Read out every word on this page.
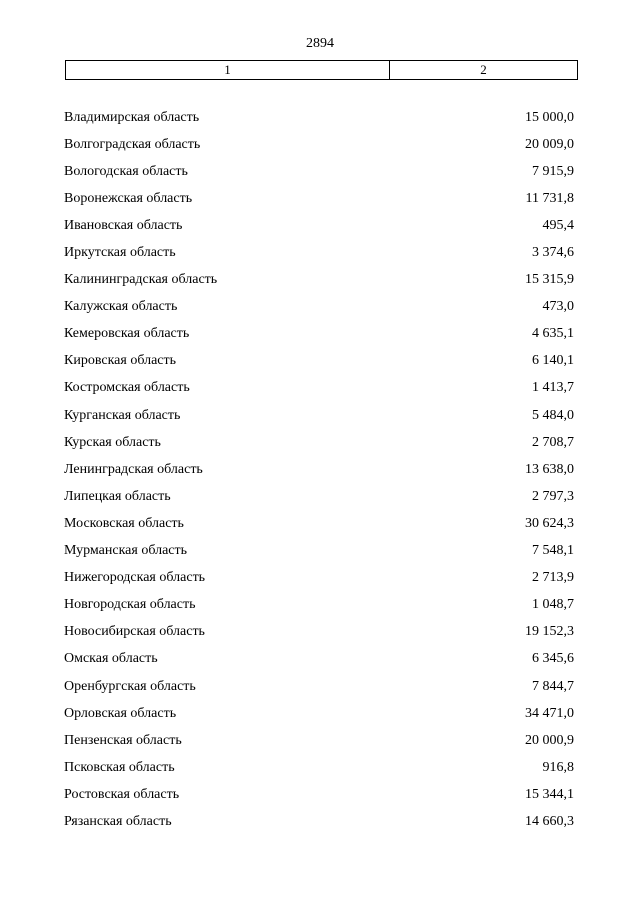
2894
1	2
Владимирская область	15 000,0
Волгоградская область	20 009,0
Вологодская область	7 915,9
Воронежская область	11 731,8
Ивановская область	495,4
Иркутская область	3 374,6
Калининградская область	15 315,9
Калужская область	473,0
Кемеровская область	4 635,1
Кировская область	6 140,1
Костромская область	1 413,7
Курганская область	5 484,0
Курская область	2 708,7
Ленинградская область	13 638,0
Липецкая область	2 797,3
Московская область	30 624,3
Мурманская область	7 548,1
Нижегородская область	2 713,9
Новгородская область	1 048,7
Новосибирская область	19 152,3
Омская область	6 345,6
Оренбургская область	7 844,7
Орловская область	34 471,0
Пензенская область	20 000,9
Псковская область	916,8
Ростовская область	15 344,1
Рязанская область	14 660,3
